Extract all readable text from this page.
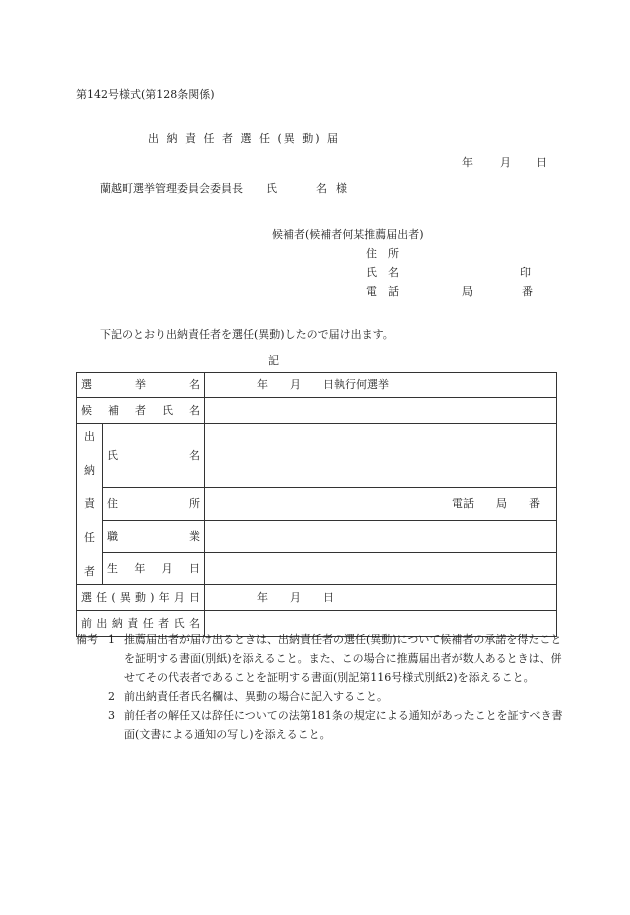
第142号様式(第128条関係)
出 納 責 任 者 選 任 (異 動) 届
年 月 日
蘭越町選挙管理委員会委員長 氏	名 様
候補者(候補者何某推薦届出者)
住　所
氏　名	印
電　話	局	番
下記のとおり出納責任者を選任(異動)したので届け出ます。
記
選　挙　名		年　　月　　日執行何選挙
候補者氏名		

出
納
責
任
者	氏　　名	
	住　　所	電話　　局　　番
	職　　業	
	生 年 月 日	
選任(異動)年月日		年　　月　　日
前出納責任者氏名		
備考 1 推薦届出者が届け出るときは、出納責任者の選任(異動)について候補者の承諾を得たことを証明する書面(別紙)を添えること。また、この場合に推薦届出者が数人あるときは、併せてその代表者であることを証明する書面(別記第116号様式別紙2)を添えること。
2 前出納責任者氏名欄は、異動の場合に記入すること。
3 前任者の解任又は辞任についての法第181条の規定による通知があったことを証すべき書面(文書による通知の写し)を添えること。
